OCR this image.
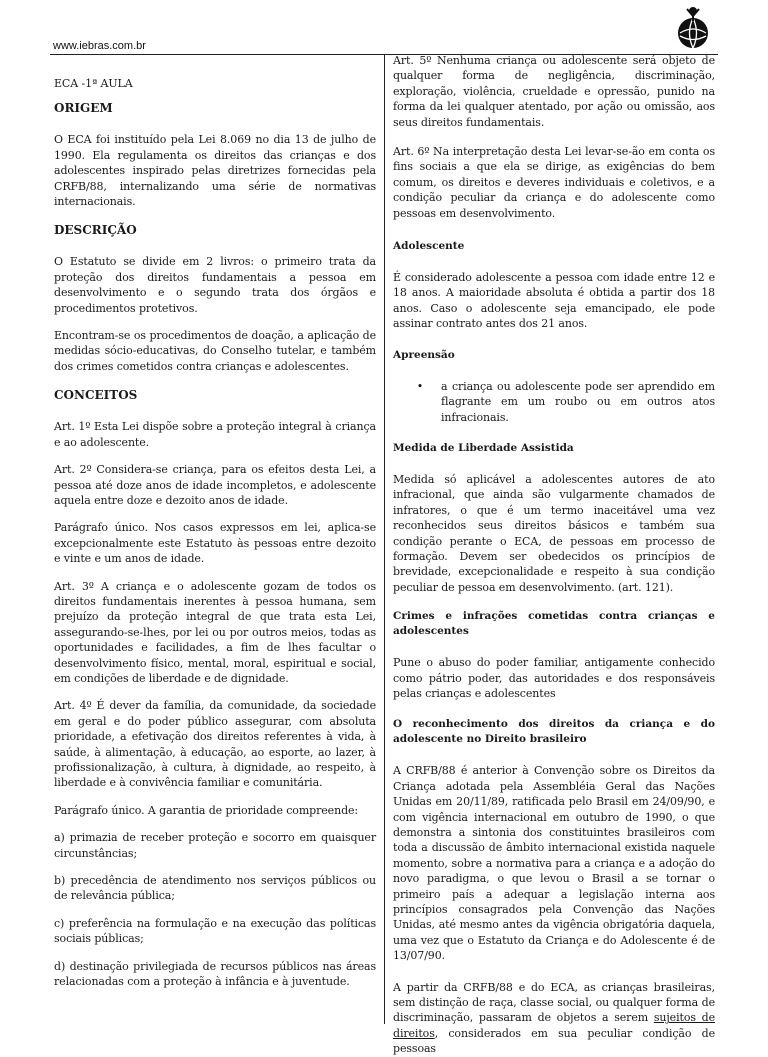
www.iebras.com.br

ECA -1ª AULA

ORIGEM

O ECA foi instituído pela Lei 8.069 no dia 13 de julho de 1990. Ela regulamenta os direitos das crianças e dos adolescentes inspirado pelas diretrizes fornecidas pela CRFB/88, internalizando uma série de normativas internacionais.

DESCRIÇÃO

O Estatuto se divide em 2 livros: o primeiro trata da proteção dos direitos fundamentais a pessoa em desenvolvimento e o segundo trata dos órgãos e procedimentos protetivos.

Encontram-se os procedimentos de doação, a aplicação de medidas sócio-educativas, do Conselho tutelar, e também dos crimes cometidos contra crianças e adolescentes.

CONCEITOS

Art. 1º Esta Lei dispõe sobre a proteção integral à criança e ao adolescente.

Art. 2º Considera-se criança, para os efeitos desta Lei, a pessoa até doze anos de idade incompletos, e adolescente aquela entre doze e dezoito anos de idade.

Parágrafo único. Nos casos expressos em lei, aplica-se excepcionalmente este Estatuto às pessoas entre dezoito e vinte e um anos de idade.

Art. 3º A criança e o adolescente gozam de todos os direitos fundamentais inerentes à pessoa humana, sem prejuízo da proteção integral de que trata esta Lei, assegurando-se-lhes, por lei ou por outros meios, todas as oportunidades e facilidades, a fim de lhes facultar o desenvolvimento físico, mental, moral, espiritual e social, em condições de liberdade e de dignidade.

Art. 4º É dever da família, da comunidade, da sociedade em geral e do poder público assegurar, com absoluta prioridade, a efetivação dos direitos referentes à vida, à saúde, à alimentação, à educação, ao esporte, ao lazer, à profissionalização, à cultura, à dignidade, ao respeito, à liberdade e à convivência familiar e comunitária.

Parágrafo único. A garantia de prioridade compreende:

a) primazia de receber proteção e socorro em quaisquer circunstâncias;

b) precedência de atendimento nos serviços públicos ou de relevância pública;

c) preferência na formulação e na execução das políticas sociais públicas;

d) destinação privilegiada de recursos públicos nas áreas relacionadas com a proteção à infância e à juventude.

Art. 5º Nenhuma criança ou adolescente será objeto de qualquer forma de negligência, discriminação, exploração, violência, crueldade e opressão, punido na forma da lei qualquer atentado, por ação ou omissão, aos seus direitos fundamentais.

Art. 6º Na interpretação desta Lei levar-se-ão em conta os fins sociais a que ela se dirige, as exigências do bem comum, os direitos e deveres individuais e coletivos, e a condição peculiar da criança e do adolescente como pessoas em desenvolvimento.

Adolescente

É considerado adolescente a pessoa com idade entre 12 e 18 anos. A maioridade absoluta é obtida a partir dos 18 anos. Caso o adolescente seja emancipado, ele pode assinar contrato antes dos 21 anos.

Apreensão
•	a criança ou adolescente pode ser aprendido em flagrante em um roubo ou em outros atos infracionais.

Medida de Liberdade Assistida

Medida só aplicável a adolescentes autores de ato infracional, que ainda são vulgarmente chamados de infratores, o que é um termo inaceitável uma vez reconhecidos seus direitos básicos e também sua condição perante o ECA, de pessoas em processo de formação. Devem ser obedecidos os princípios de brevidade, excepcionalidade e respeito à sua condição peculiar de pessoa em desenvolvimento. (art. 121).

Crimes e infrações cometidas contra crianças e adolescentes

Pune o abuso do poder familiar, antigamente conhecido como pátrio poder, das autoridades e dos responsáveis pelas crianças e adolescentes

O reconhecimento dos direitos da criança e do adolescente no Direito brasileiro

A CRFB/88 é anterior à Convenção sobre os Direitos da Criança adotada pela Assembléia Geral das Nações Unidas em 20/11/89, ratificada pelo Brasil em 24/09/90, e com vigência internacional em outubro de 1990, o que demonstra a sintonia dos constituintes brasileiros com toda a discussão de âmbito internacional existida naquele momento, sobre a normativa para a criança e a adoção do novo paradigma, o que levou o Brasil a se tornar o primeiro país a adequar a legislação interna aos princípios consagrados pela Convenção das Nações Unidas, até mesmo antes da vigência obrigatória daquela, uma vez que o Estatuto da Criança e do Adolescente é de 13/07/90.

A partir da CRFB/88 e do ECA, as crianças brasileiras, sem distinção de raça, classe social, ou qualquer forma de discriminação, passaram de objetos a serem sujeitos de direitos, considerados em sua peculiar condição de pessoas
